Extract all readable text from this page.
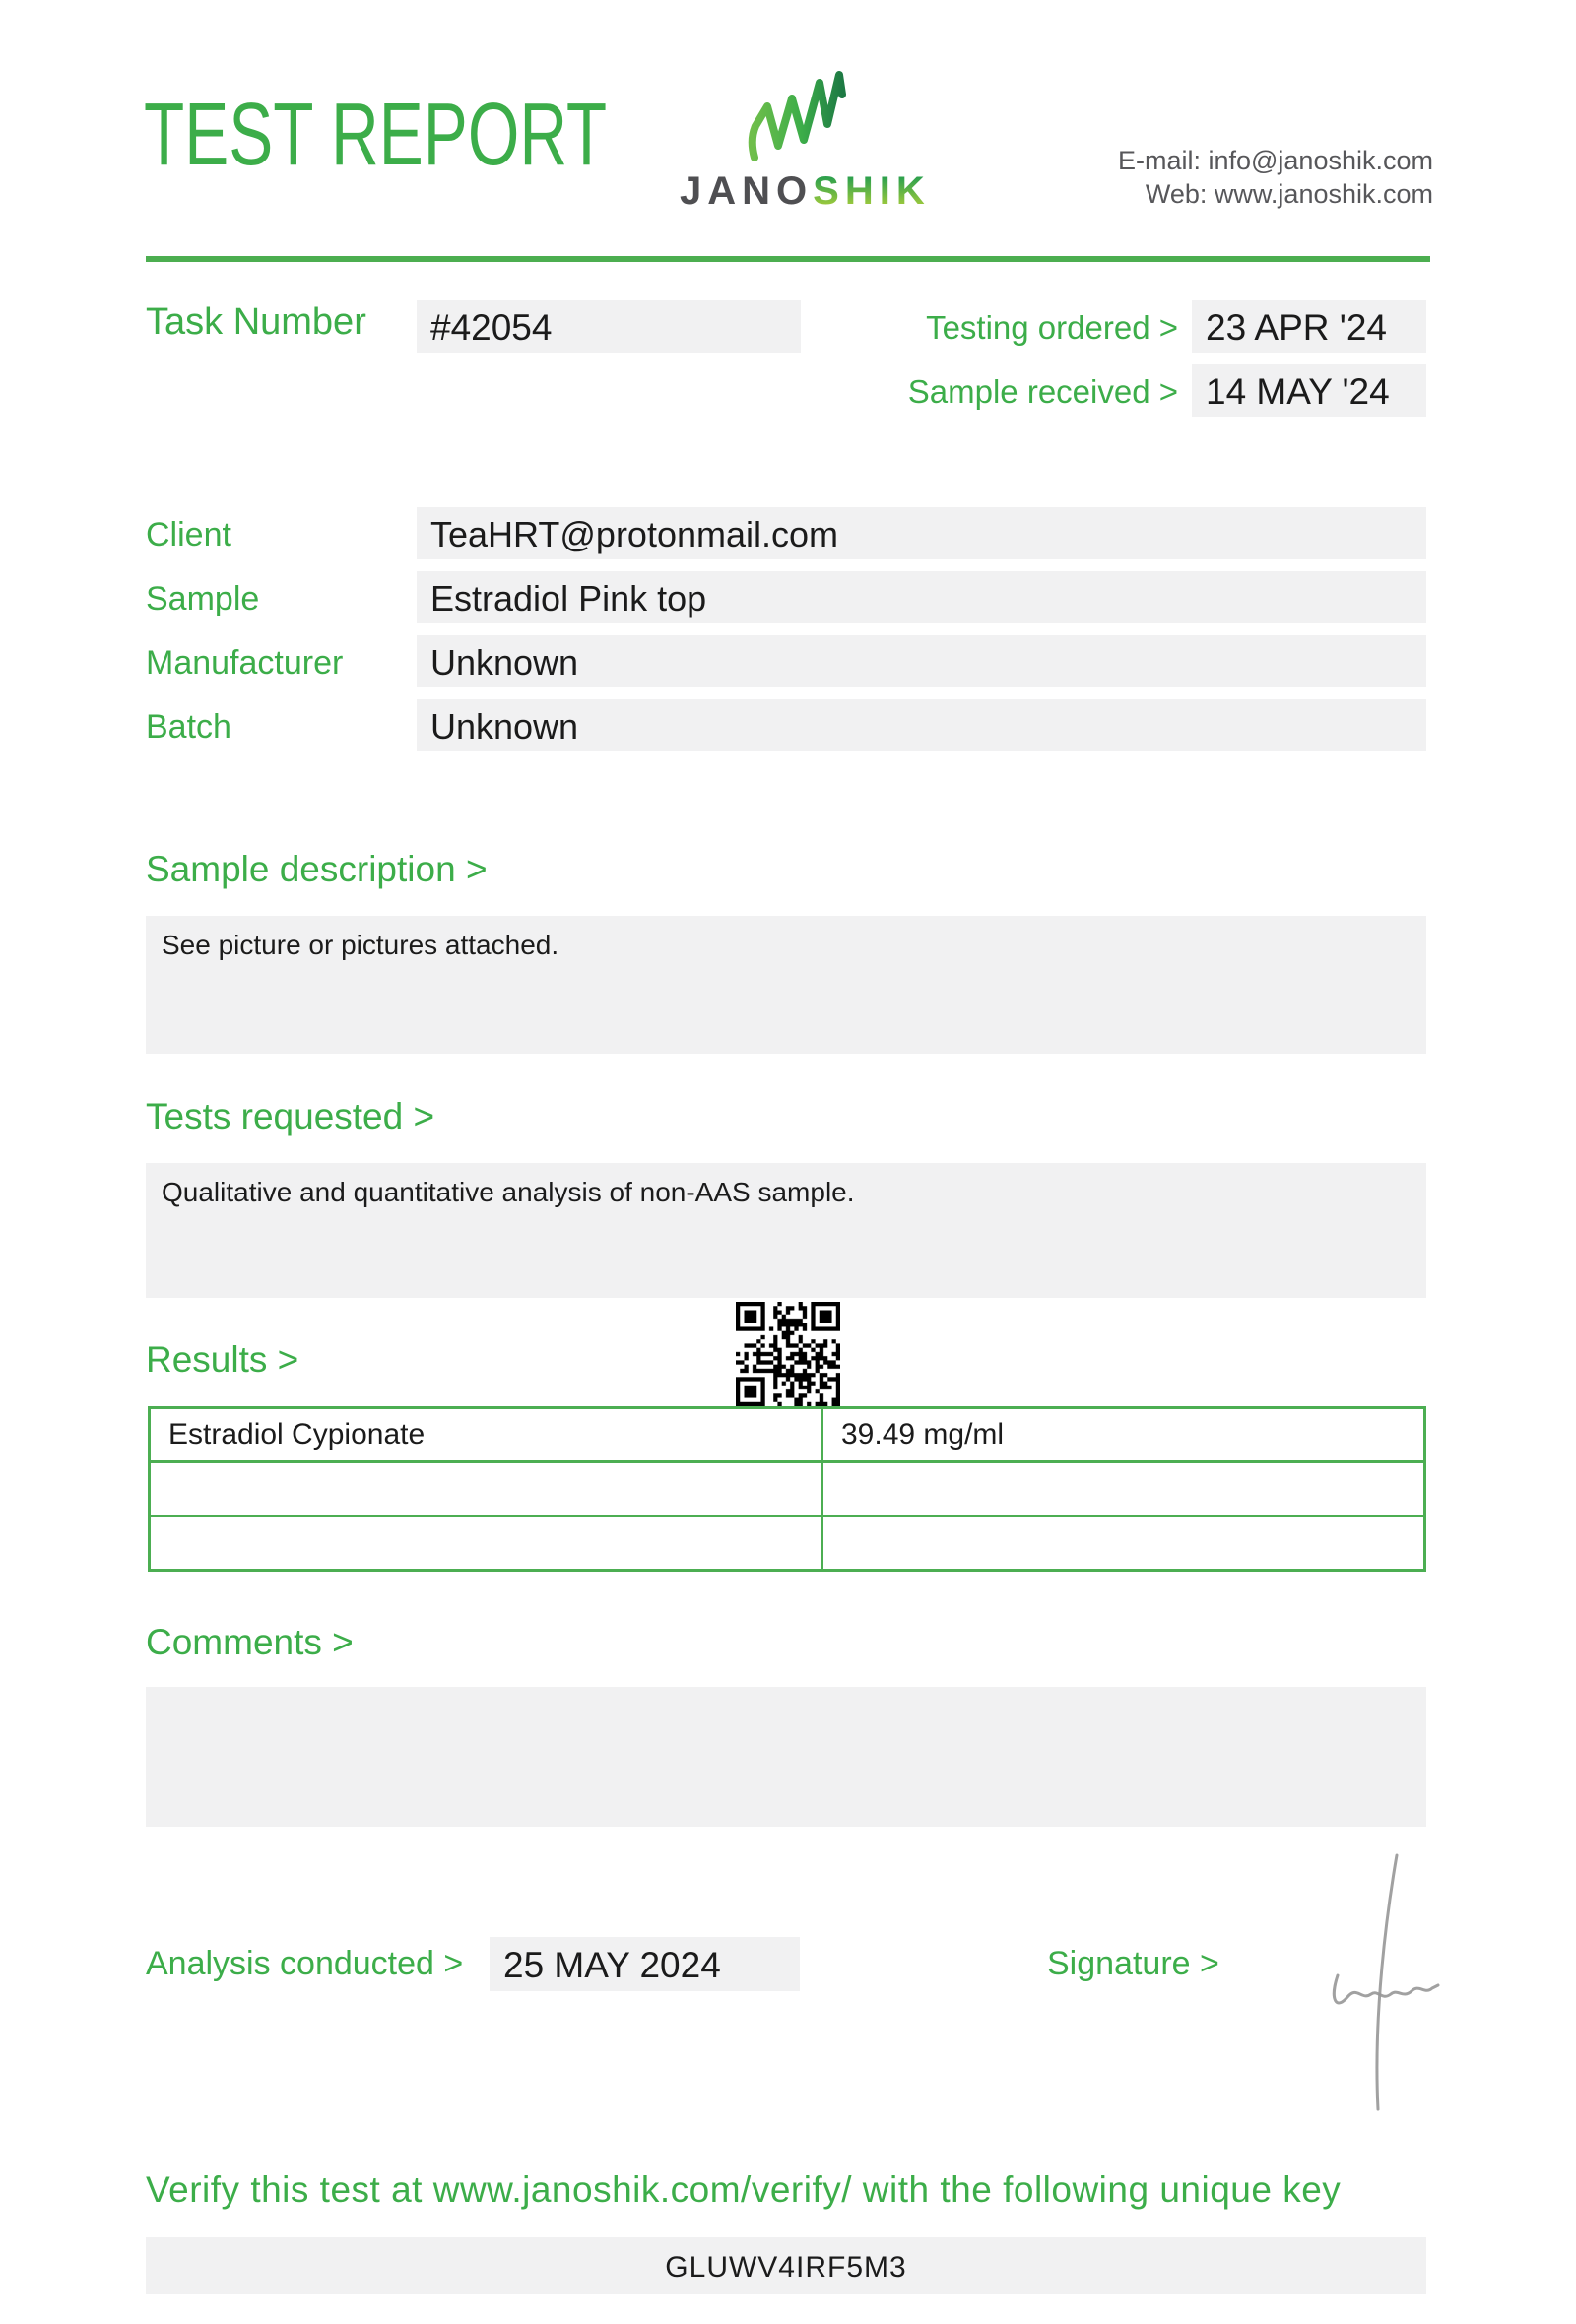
TEST REPORT
JANOSHIK
E-mail: info@janoshik.com
Web: www.janoshik.com
Task Number #42054	Testing ordered > 23 APR '24
Sample received > 14 MAY '24
Client	TeaHRT@protonmail.com
Sample	Estradiol Pink top
Manufacturer Unknown
Batch	Unknown
Sample description >
See picture or pictures attached.
Tests requested >
Qualitative and quantitative analysis of non-AAS sample.
Results >
Estradiol Cypionate	39.49 mg/ml

Comments >
Analysis conducted > 25 MAY 2024	Signature >
Verify this test at www.janoshik.com/verify/ with the following unique key
GLUWV4IRF5M3
